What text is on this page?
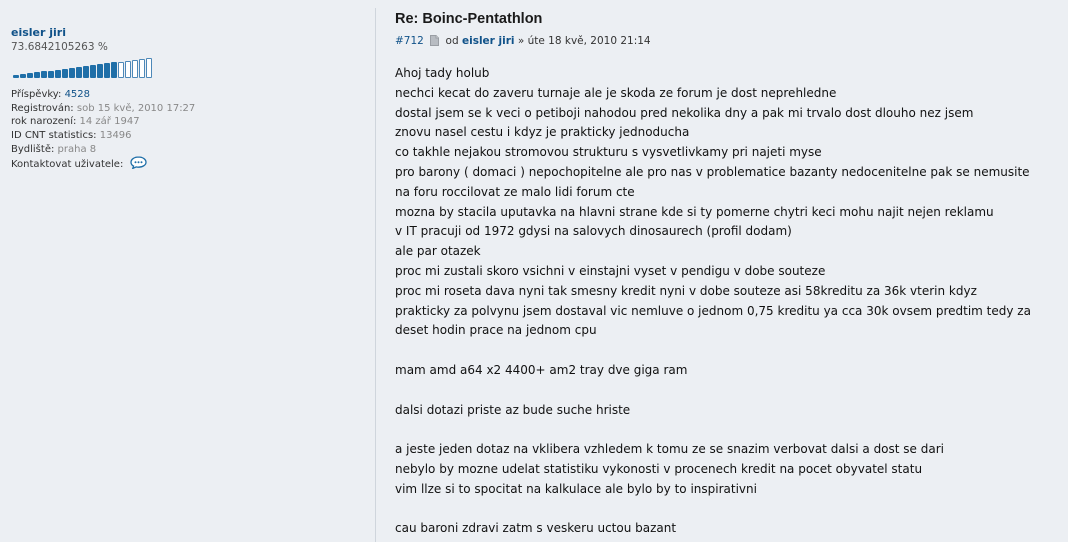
eisler jiri
73.6842105263 %
Příspěvky: 4528
Registrován: sob 15 kvě, 2010 17:27
rok narození: 14 zář 1947
ID CNT statistics: 13496
Bydliště: praha 8
Kontaktovat uživatele:
Re: Boinc-Pentathlon
#712 od eisler jiri » úte 18 kvě, 2010 21:14
Ahoj tady holub
nechci kecat do zaveru turnaje ale je skoda ze forum je dost neprehledne
dostal jsem se k veci o petiboji nahodou pred nekolika dny a pak mi trvalo dost dlouho nez jsem
znovu nasel cestu i kdyz je prakticky jednoducha
co takhle nejakou stromovou strukturu s vysvetlivkamy pri najeti myse
pro barony ( domaci ) nepochopitelne ale pro nas v problematice bazanty nedocenitelne pak se nemusite
na foru roccilovat ze malo lidi forum cte
mozna by stacila uputavka na hlavni strane kde si ty pomerne chytri keci mohu najit nejen reklamu
v IT pracuji od 1972 gdysi na salovych dinosaurech (profil dodam)
ale par otazek
proc mi zustali skoro vsichni v einstajni vyset v pendigu v dobe souteze
proc mi roseta dava nyni tak smesny kredit nyni v dobe souteze asi 58kreditu za 36k vterin kdyz
prakticky za polvynu jsem dostaval vic nemluve o jednom 0,75 kreditu ya cca 30k ovsem predtim tedy za
deset hodin prace na jednom cpu
mam amd a64 x2 4400+ am2 tray dve giga ram
dalsi dotazi priste az bude suche hriste
a jeste jeden dotaz na vklibera vzhledem k tomu ze se snazim verbovat dalsi a dost se dari
nebylo by mozne udelat statistiku vykonosti v procenech kredit na pocet obyvatel statu
vim llze si to spocitat na kalkulace ale bylo by to inspirativni
cau baroni zdravi zatm s veskeru uctou bazant
